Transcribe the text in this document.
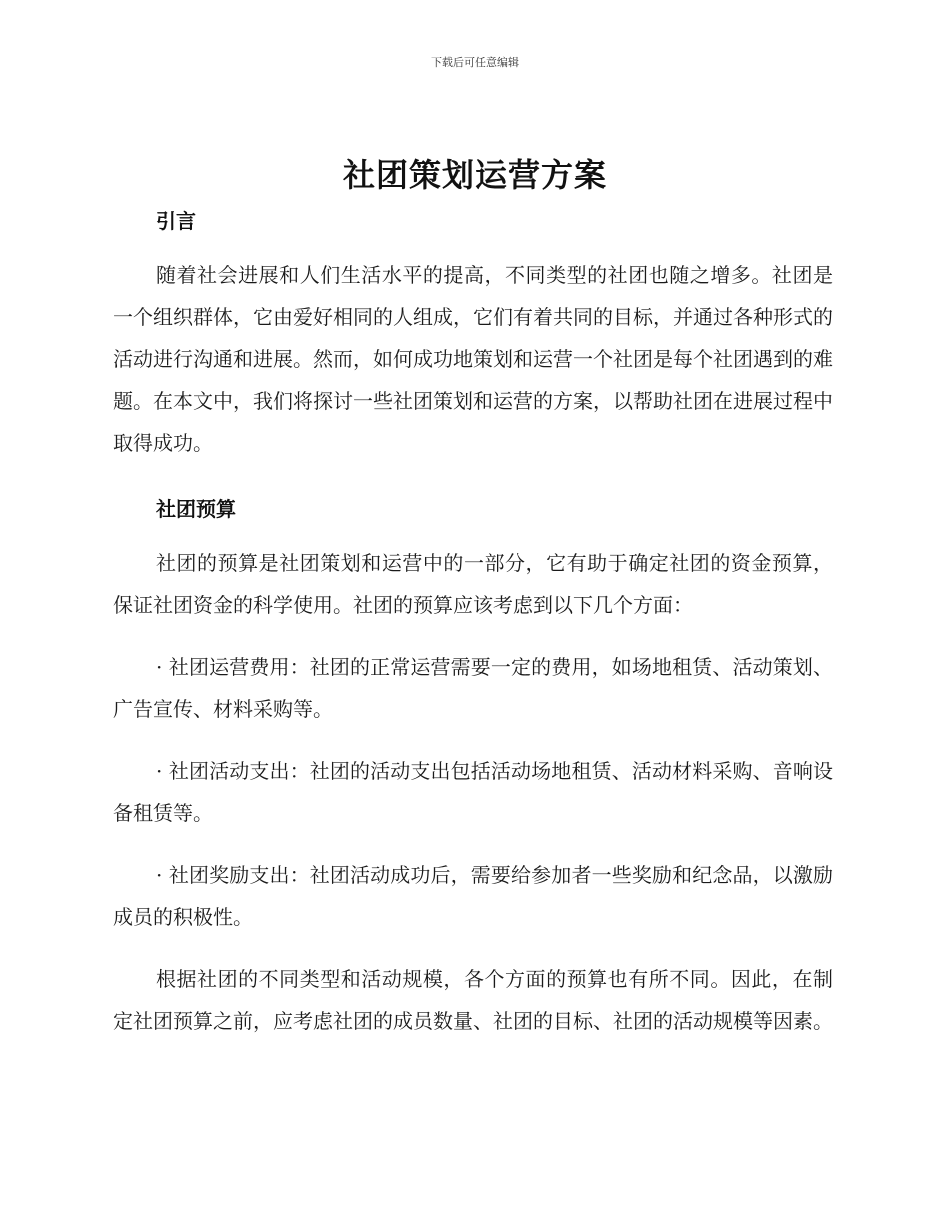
下载后可任意编辑
社团策划运营方案
引言

随着社会进展和人们生活水平的提高，不同类型的社团也随之增多。社团是一个组织群体，它由爱好相同的人组成，它们有着共同的目标，并通过各种形式的活动进行沟通和进展。然而，如何成功地策划和运营一个社团是每个社团遇到的难题。在本文中，我们将探讨一些社团策划和运营的方案，以帮助社团在进展过程中取得成功。

社团预算

社团的预算是社团策划和运营中的一部分，它有助于确定社团的资金预算，保证社团资金的科学使用。社团的预算应该考虑到以下几个方面：

· 社团运营费用：社团的正常运营需要一定的费用，如场地租赁、活动策划、广告宣传、材料采购等。

· 社团活动支出：社团的活动支出包括活动场地租赁、活动材料采购、音响设备租赁等。

· 社团奖励支出：社团活动成功后，需要给参加者一些奖励和纪念品，以激励成员的积极性。

根据社团的不同类型和活动规模，各个方面的预算也有所不同。因此，在制定社团预算之前，应考虑社团的成员数量、社团的目标、社团的活动规模等因素。
